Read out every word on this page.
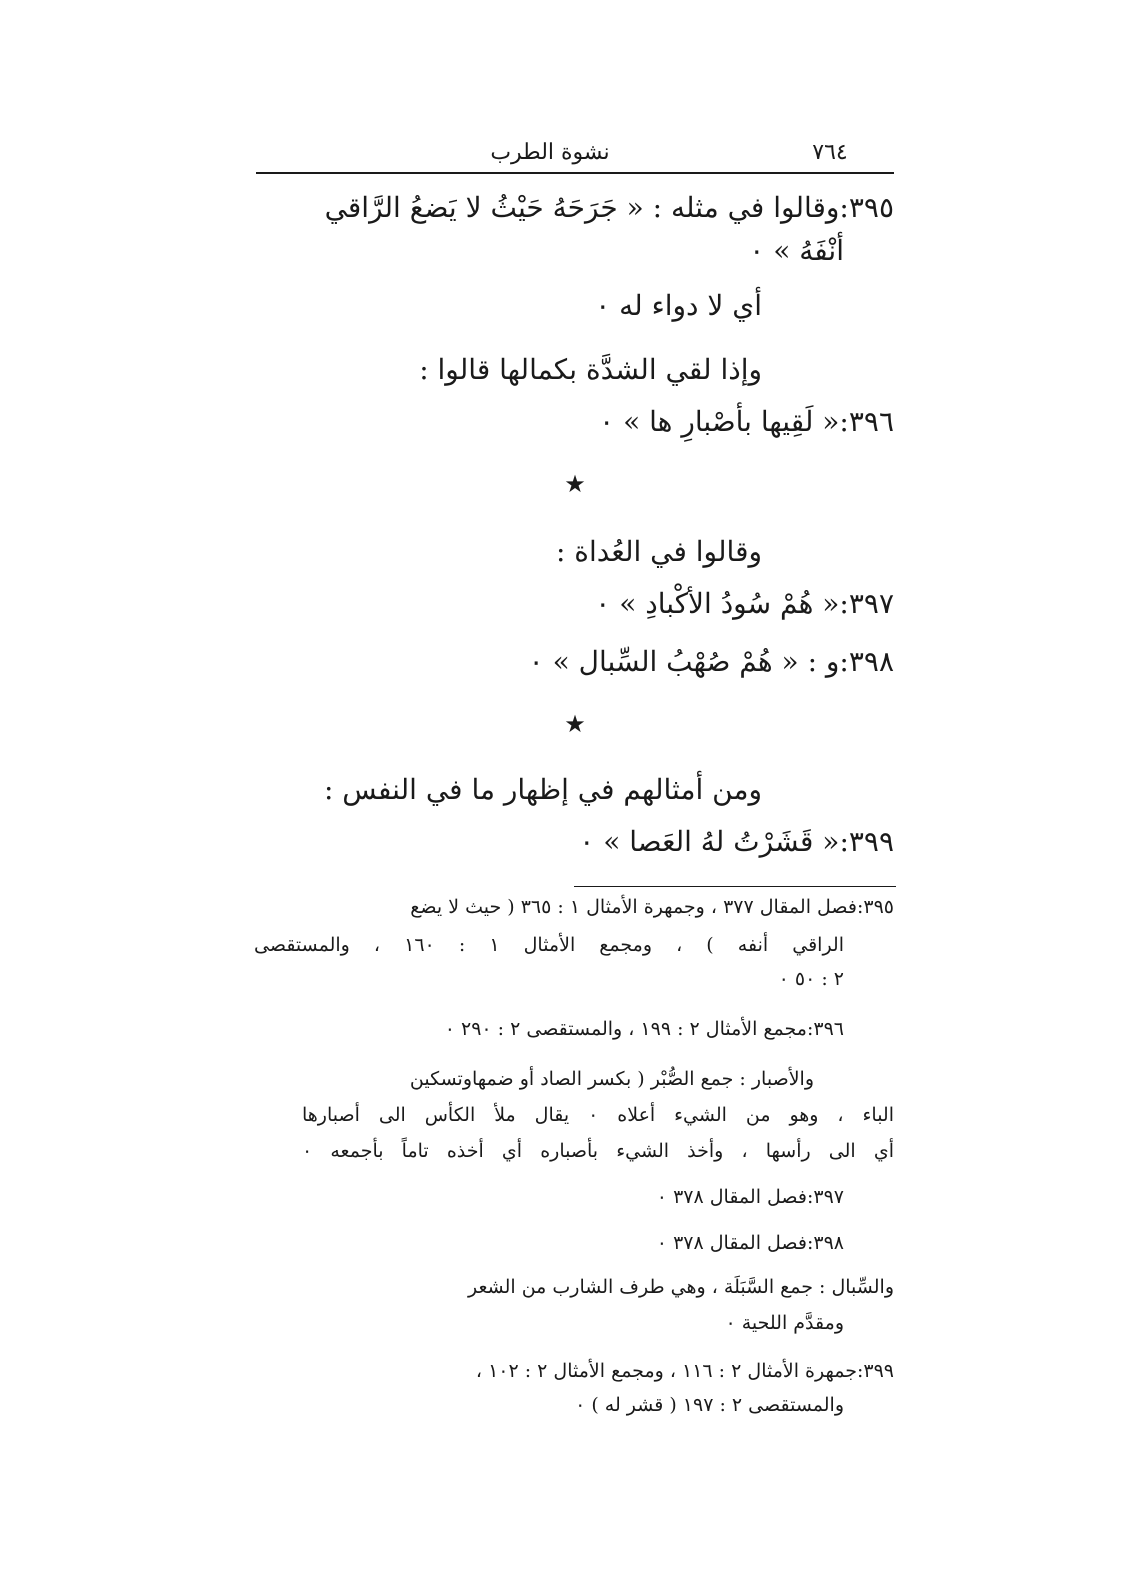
نشوة الطرب	٧٦٤
٣٩٥:وقالوا في مثله : « جَرَحَهُ حَيْثُ لا يَضعُ الرَّاقي
أنْفَهُ » ٠
أي لا دواء له ٠
وإذا لقي الشدَّة بكمالها قالوا :
٣٩٦:« لَقِيها بأصْبارِ ها » ٠
★
وقالوا في العُداة :
٣٩٧:« هُمْ سُودُ الأكْبادِ » ٠
٣٩٨:و : « هُمْ صُهْبُ السِّبال » ٠
★
ومن أمثالهم في إظهار ما في النفس :
٣٩٩:« قَشَرْتُ لهُ العَصا » ٠
٣٩٥:فصل المقال ٣٧٧ ، وجمهرة الأمثال ١ : ٣٦٥ ( حيث لا يضع
الراقي أنفه ) ، ومجمع الأمثال ١ : ١٦٠ ، والمستقصى
٢ : ٥٠ ٠
٣٩٦:مجمع الأمثال ٢ : ١٩٩ ، والمستقصى ٢ : ٢٩٠ ٠
والأصبار : جمع الصُّبْر ( بكسر الصاد أو ضمهاوتسكين
الباء ، وهو من الشيء أعلاه ٠ يقال ملأ الكأس الى أصبارها
أي الى رأسها ، وأخذ الشيء بأصباره أي أخذه تاماً بأجمعه ٠
٣٩٧:فصل المقال ٣٧٨ ٠
٣٩٨:فصل المقال ٣٧٨ ٠
والسِّبال : جمع السَّبَلَة ، وهي طرف الشارب من الشعر
ومقدَّم اللحية ٠
٣٩٩:جمهرة الأمثال ٢ : ١١٦ ، ومجمع الأمثال ٢ : ١٠٢ ،
والمستقصى ٢ : ١٩٧ ( قشر له ) ٠
